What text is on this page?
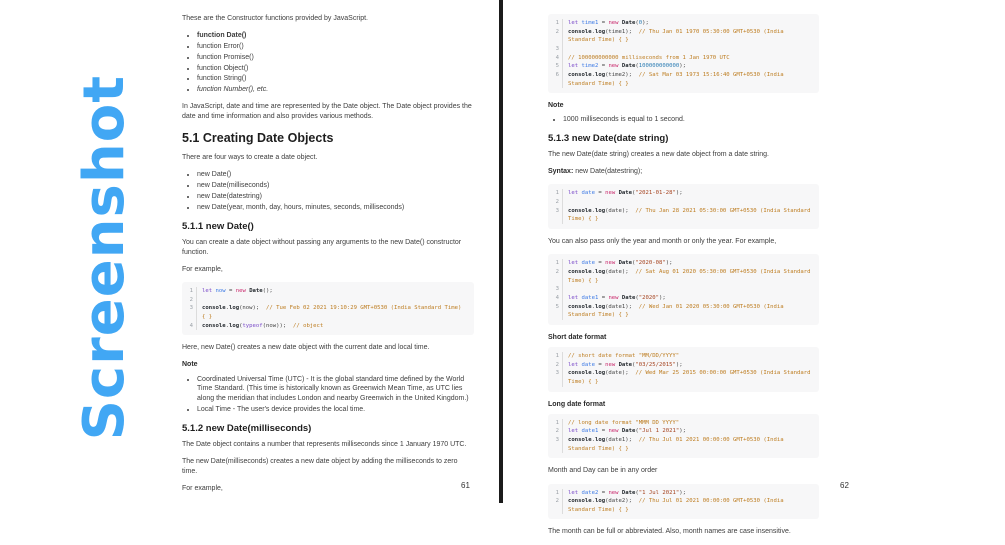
Screenshot

These are the Constructor functions provided by JavaScript.

• function Date()
• function Error()
• function Promise()
• function Object()
• function String()
• function Number(), etc.

In JavaScript, date and time are represented by the Date object. The Date object provides the date and time information and also provides various methods.

5.1 Creating Date Objects

There are four ways to create a date object.

• new Date()
• new Date(milliseconds)
• new Date(datestring)
• new Date(year, month, day, hours, minutes, seconds, milliseconds)
5.1.1 new Date()

You can create a date object without passing any arguments to the new Date() constructor function.

For example,

1	let now = new Date();
2

3	console.log(now);  // Tue Feb 02 2021 19:10:29 GMT+0530 (India Standard Time) { }
4	console.log(typeof(now));  // object

Here, new Date() creates a new date object with the current date and local time.

Note

• Coordinated Universal Time (UTC) - It is the global standard time defined by the World Time Standard. (This time is historically known as Greenwich Mean Time, as UTC lies along the meridian that includes London and nearby Greenwich in the United Kingdom.)
• Local Time - The user's device provides the local time.
5.1.2 new Date(milliseconds)

The Date object contains a number that represents milliseconds since 1 January 1970 UTC.

The new Date(milliseconds) creates a new date object by adding the milliseconds to zero time.

For example,

1	let time1 = new Date(0);
2	console.log(time1);  // Thu Jan 01 1970 05:30:00 GMT+0530 (India Standard Time) { }
3

4	// 100000000000 milliseconds from 1 Jan 1970 UTC
5	let time2 = new Date(100000000000);
6	console.log(time2);  // Sat Mar 03 1973 15:16:40 GMT+0530 (India Standard Time) { }

Note

• 1000 milliseconds is equal to 1 second.
5.1.3 new Date(date string)

The new Date(date string) creates a new date object from a date string.

Syntax: new Date(datestring);

1	let date = new Date("2021-01-28");
2

3	console.log(date);  // Thu Jan 28 2021 05:30:00 GMT+0530 (India Standard Time) { }

You can also pass only the year and month or only the year. For example,

1	let date = new Date("2020-08");
2	console.log(date);  // Sat Aug 01 2020 05:30:00 GMT+0530 (India Standard Time) { }
3

4	let date1 = new Date("2020");
5	console.log(date1);  // Wed Jan 01 2020 05:30:00 GMT+0530 (India Standard Time) { }

Short date format

1	// short date format "MM/DD/YYYY"
2	let date = new Date("03/25/2015");
3	console.log(date);  // Wed Mar 25 2015 00:00:00 GMT+0530 (India Standard Time) { }

Long date format

1	// long date format "MMM DD YYYY"
2	let date1 = new Date("Jul 1 2021");
3	console.log(date1);  // Thu Jul 01 2021 00:00:00 GMT+0530 (India Standard Time) { }

Month and Day can be in any order

1	let date2 = new Date("1 Jul 2021");
2	console.log(date2);  // Thu Jul 01 2021 00:00:00 GMT+0530 (India Standard Time) { }

The month can be full or abbreviated. Also, month names are case insensitive.

61	62
